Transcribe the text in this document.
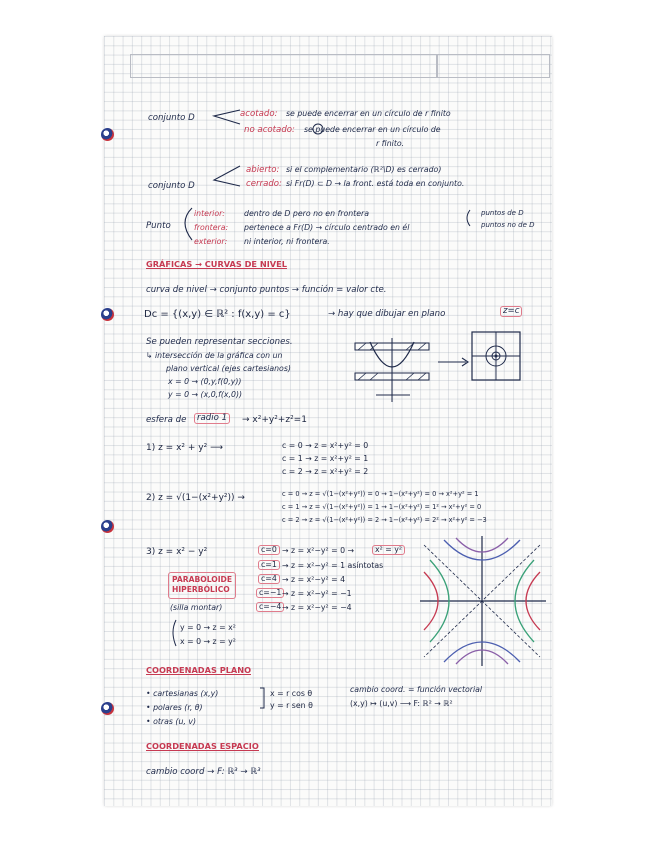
conjunto D	acotado: se puede encerrar en un círculo de r finito
no acotado: se puede encerrar en un círculo de
r finito.
conjunto D
abierto: si el complementario (ℝ²\D) es cerrado)
cerrado: si Fr(D) ⊂ D → la front. está toda en conjunto.
Punto
interior: dentro de D pero no en frontera
frontera: pertenece a Fr(D) → círculo centrado en él
puntos de D
puntos no de D
exterior: ni interior, ni frontera.
GRÁFICAS → CURVAS DE NIVEL
curva de nivel → conjunto puntos → función = valor cte.
Dc = {(x,y) ∈ ℝ² : f(x,y) = c}	→ hay que dibujar en plano	z=c
Se pueden representar secciones.
↳ intersección de la gráfica con un
plano vertical (ejes cartesianos)
x = 0 → (0,y,f(0,y))
y = 0 → (x,0,f(x,0))
esfera de	radio 1	→ x²+y²+z²=1
1) z = x² + y² ⟶	c = 0 → z = x²+y² = 0
c = 1 → z = x²+y² = 1
c = 2 → z = x²+y² = 2
2) z = √(1−(x²+y²)) →	c = 0 → z = √(1−(x²+y²)) = 0 → 1−(x²+y²) = 0 → x²+y² = 1
c = 1 → z = √(1−(x²+y²)) = 1 → 1−(x²+y²) = 1² → x²+y² = 0
c = 2 → z = √(1−(x²+y²)) = 2 → 1−(x²+y²) = 2² → x²+y² = −3
3) z = x² − y²	c=0 → z = x²−y² = 0 →	x² = y²
c=1 → z = x²−y² = 1 asíntotas
c=4 → z = x²−y² = 4
c=−1 → z = x²−y² = −1
c=−4 → z = x²−y² = −4
PARABOLOIDE
HIPERBÓLICO
(silla montar)
y = 0 → z = x²
x = 0 → z = y²
COORDENADAS PLANO
• cartesianas (x,y)
• polares (r, θ)
• otras (u, v)
x = r cos θ
y = r sen θ
cambio coord. = función vectorial
(x,y) ↦ (u,v) ⟶ F: ℝ² → ℝ²
COORDENADAS ESPACIO
cambio coord → F: ℝ³ → ℝ³
